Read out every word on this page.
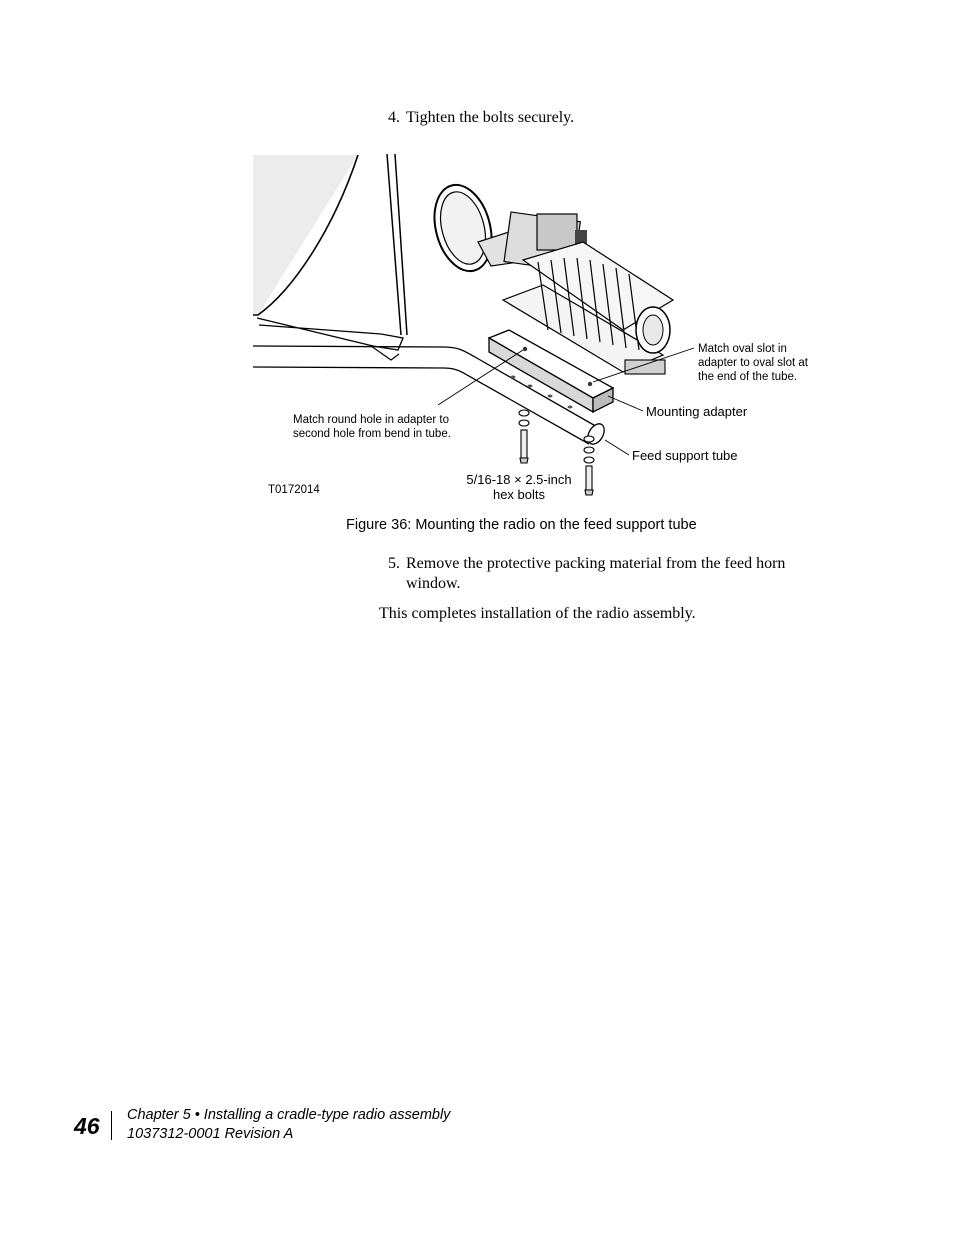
4. Tighten the bolts securely.
Match oval slot in adapter to oval slot at the end of the tube.
Mounting adapter
Match round hole in adapter to second hole from bend in tube.
Feed support tube
5/16-18 × 2.5-inch hex bolts
T0172014
Figure 36: Mounting the radio on the feed support tube
5. Remove the protective packing material from the feed horn window.
This completes installation of the radio assembly.
46 Chapter 5 • Installing a cradle-type radio assembly
1037312-0001 Revision A
